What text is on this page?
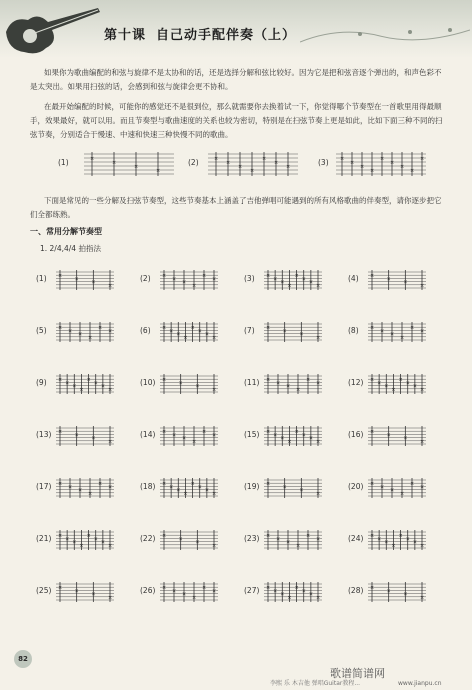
第十课 自己动手配伴奏（上）
如果你为歌曲编配的和弦与旋律不是太协和的话，还是选择分解和弦比较好。因为它是把和弦音逐个弹出的，和声色彩不是太突出。如果用扫弦的话，会感到和弦与旋律会更不协和。
在最开始编配的时候，可能你的感觉还不是很到位，那么就需要你去换着试一下，你觉得哪个节奏型在一首歌里用得最顺手，效果最好，就可以用。而且节奏型与歌曲速度的关系也较为密切，特别是在扫弦节奏上更是如此，比如下面三种不同的扫弦节奏，分别适合于慢速、中速和快速三种快慢不同的歌曲。
(1)	×
×
×
×
(2)	×
×
×
×
×
×
×	(3) ×
×
×
×
×
×
×
×
×
下面是常见的一些分解及扫弦节奏型，这些节奏基本上涵盖了吉他弹唱可能遇到的所有风格歌曲的伴奏型，请你逐步把它们全都练熟。
一、常用分解节奏型
1. 2/4,4/4 拍指法
(1) ×
×
×
×
(2) ×
×
×
×
×
×	(3) ×
×
×
×
×
×
×
×
(4) ×
×
×
×
(5) ×
×
×
×
×
×	(6) ×
×
×
×
×
×
×
×
(7) ×
×
×
×
(8) ×
×
×
×
×
×
(9) ×
×
×
×
×
×
×
×
(10) ×
×
×
×
(11) ×
×
×
×
×
×	(12) ×
×
×
×
×
×
×
×
(13) ×
×
×
×
(14) ×
×
×
×
×
×	(15) ×
×
×
×
×
×
×
×
(16) ×
×
×
×
(17) ×
×
×
×
×
×	(18) ×
×
×
×
×
×
×
×
(19) ×
×
×
×
(20) ×
×
×
×
×
×
(21) ×
×
×
×
×
×
×
×
(22) ×
×
×
×
(23) ×
×
×
×
×
×	(24) ×
×
×
×
×
×
×
×
(25) ×
×
×
×
(26) ×
×
×
×
×
×	(27) ×
×
×
×
×
×
×
×
(28) ×
×
×
×
82
李熙 乐 木吉他 弹唱Guitar教程...
歌谱简谱网
www.jianpu.cn
